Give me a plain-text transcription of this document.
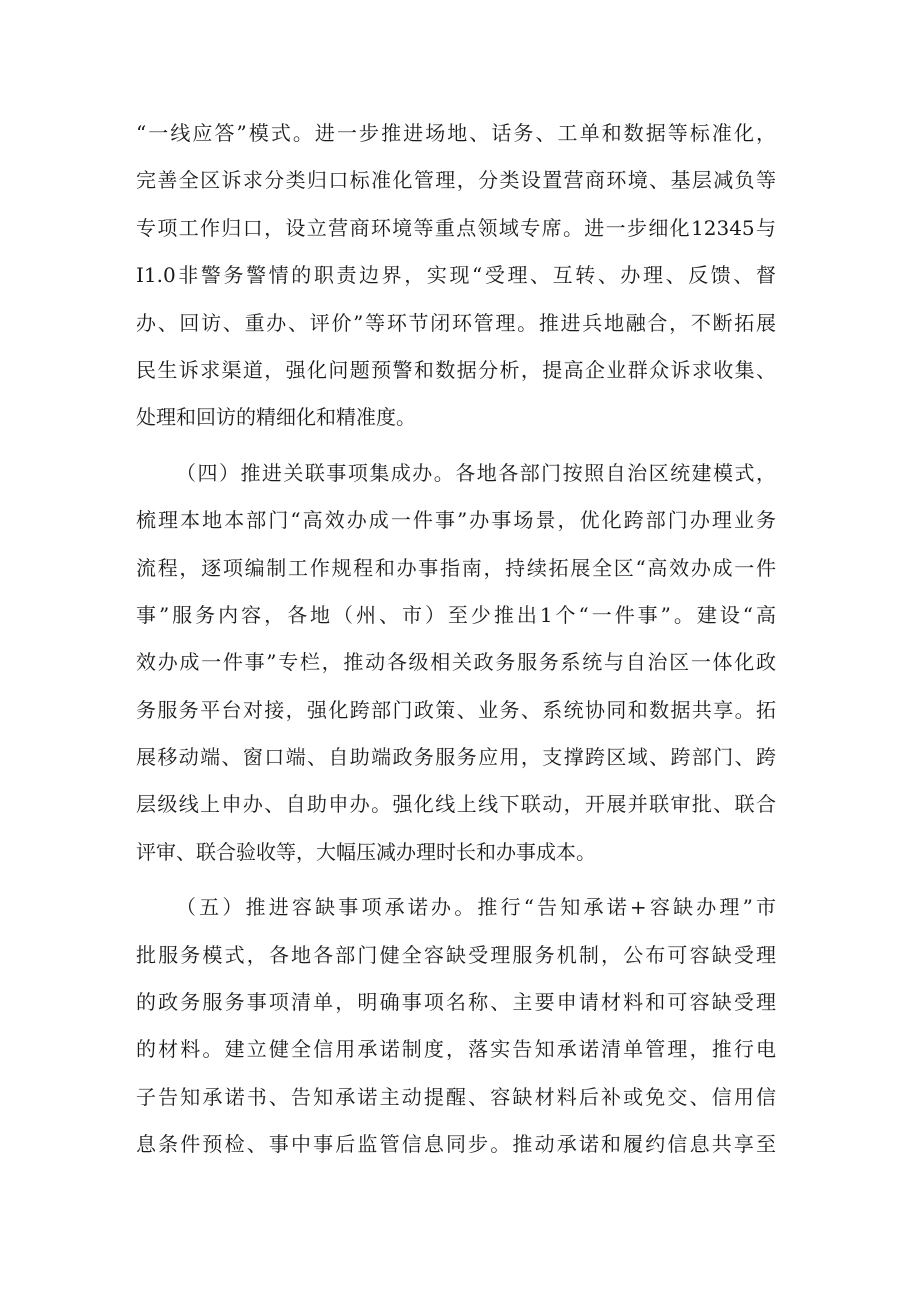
“一线应答”模式。进一步推进场地、话务、工单和数据等标准化，
完善全区诉求分类归口标准化管理，分类设置营商环境、基层减负等
专项工作归口，设立营商环境等重点领域专席。进一步细化12345与
I1.0非警务警情的职责边界，实现“受理、互转、办理、反馈、督
办、回访、重办、评价”等环节闭环管理。推进兵地融合，不断拓展
民生诉求渠道，强化问题预警和数据分析，提高企业群众诉求收集、
处理和回访的精细化和精准度。
（四）推进关联事项集成办。各地各部门按照自治区统建模式，
梳理本地本部门“高效办成一件事”办事场景，优化跨部门办理业务
流程，逐项编制工作规程和办事指南，持续拓展全区“高效办成一件
事”服务内容，各地（州、市）至少推出1个“一件事”。建设“高
效办成一件事”专栏，推动各级相关政务服务系统与自治区一体化政
务服务平台对接，强化跨部门政策、业务、系统协同和数据共享。拓
展移动端、窗口端、自助端政务服务应用，支撑跨区域、跨部门、跨
层级线上申办、自助申办。强化线上线下联动，开展并联审批、联合
评审、联合验收等，大幅压减办理时长和办事成本。
（五）推进容缺事项承诺办。推行“告知承诺+容缺办理”市
批服务模式，各地各部门健全容缺受理服务机制，公布可容缺受理
的政务服务事项清单，明确事项名称、主要申请材料和可容缺受理
的材料。建立健全信用承诺制度，落实告知承诺清单管理，推行电
子告知承诺书、告知承诺主动提醒、容缺材料后补或免交、信用信
息条件预检、事中事后监管信息同步。推动承诺和履约信息共享至
